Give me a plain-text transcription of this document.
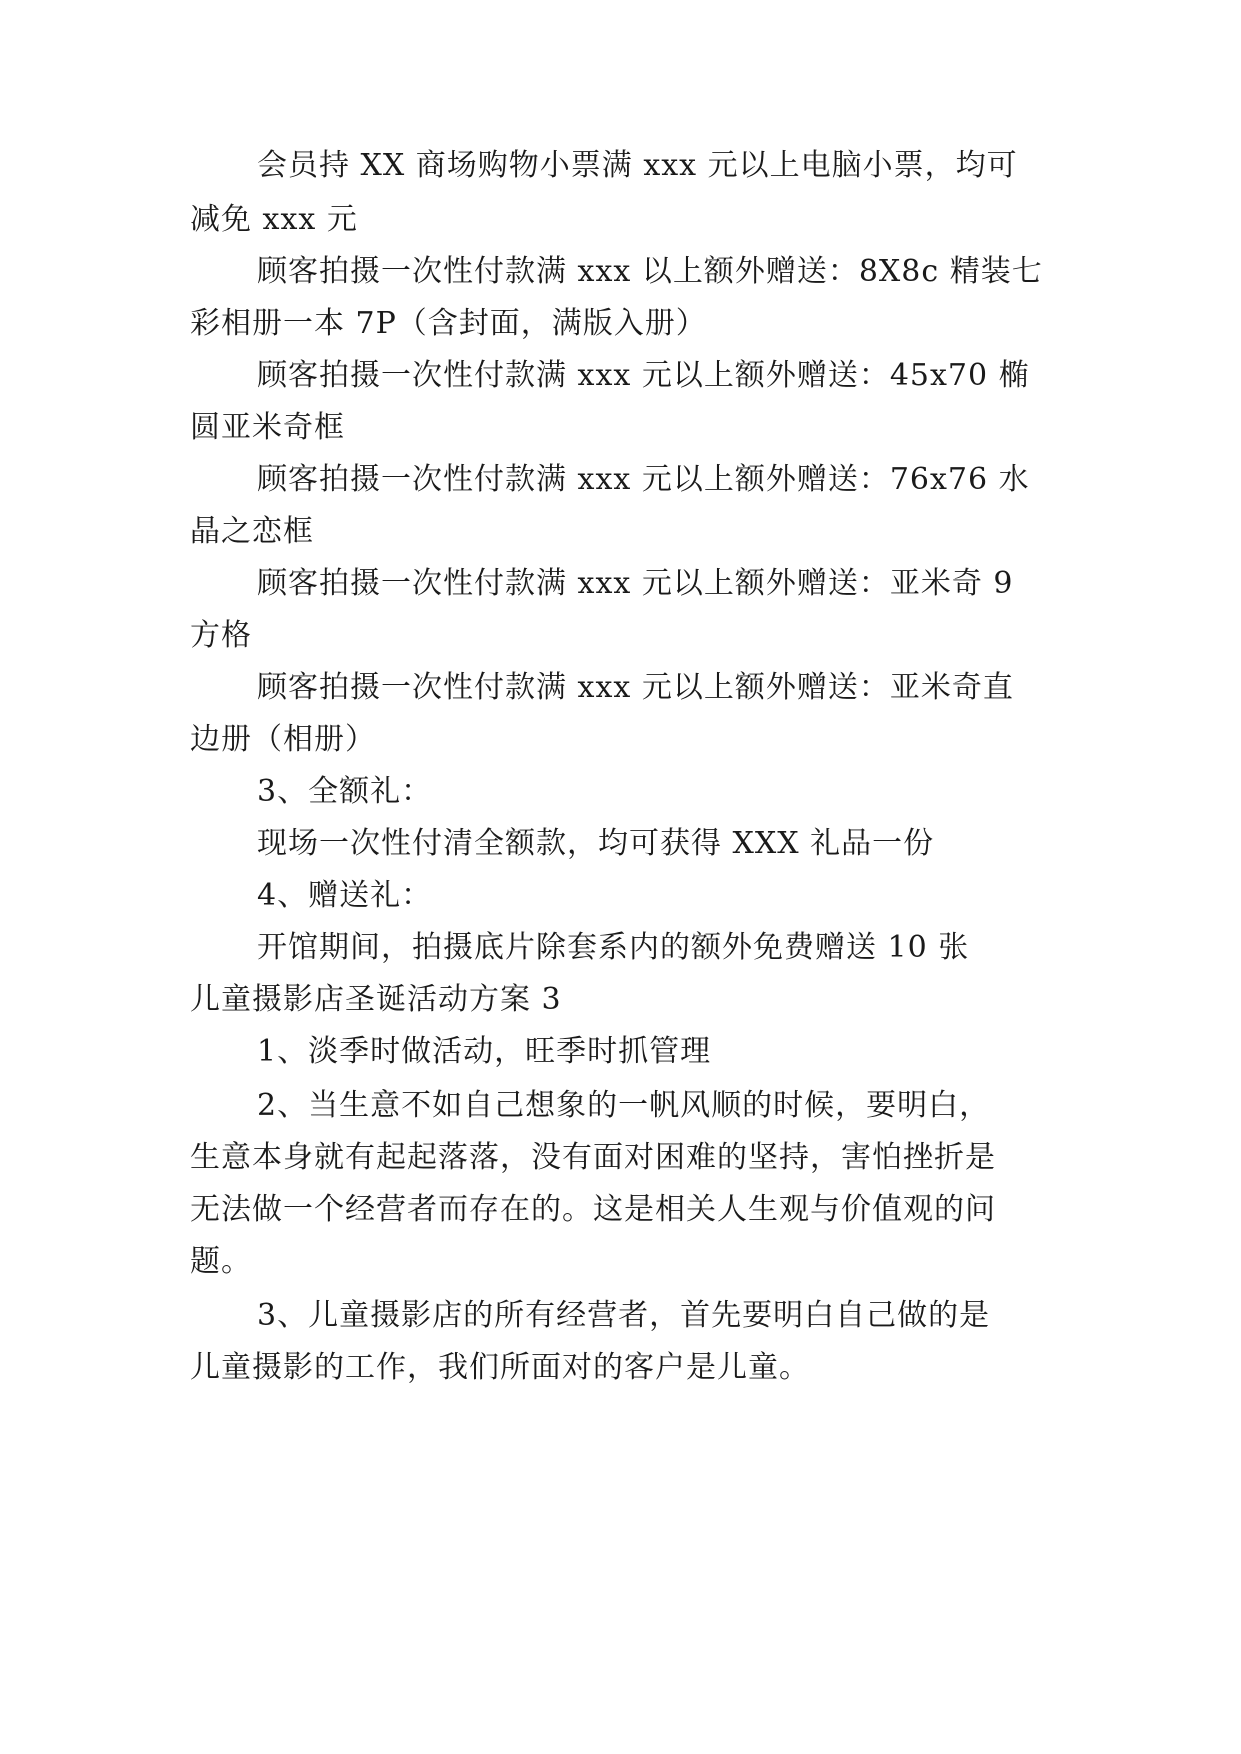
会员持 XX 商场购物小票满 xxx 元以上电脑小票，均可
减免 xxx 元
顾客拍摄一次性付款满 xxx 以上额外赠送：8X8c 精装七
彩相册一本 7P（含封面，满版入册）
顾客拍摄一次性付款满 xxx 元以上额外赠送：45x70 椭
圆亚米奇框
顾客拍摄一次性付款满 xxx 元以上额外赠送：76x76 水
晶之恋框
顾客拍摄一次性付款满 xxx 元以上额外赠送：亚米奇 9
方格
顾客拍摄一次性付款满 xxx 元以上额外赠送：亚米奇直
边册（相册）
3、全额礼：
现场一次性付清全额款，均可获得 XXX 礼品一份
4、赠送礼：
开馆期间，拍摄底片除套系内的额外免费赠送 10 张
儿童摄影店圣诞活动方案 3
1、淡季时做活动，旺季时抓管理
2、当生意不如自己想象的一帆风顺的时候，要明白，
生意本身就有起起落落，没有面对困难的坚持，害怕挫折是
无法做一个经营者而存在的。这是相关人生观与价值观的问
题。
3、儿童摄影店的所有经营者，首先要明白自己做的是
儿童摄影的工作，我们所面对的客户是儿童。
